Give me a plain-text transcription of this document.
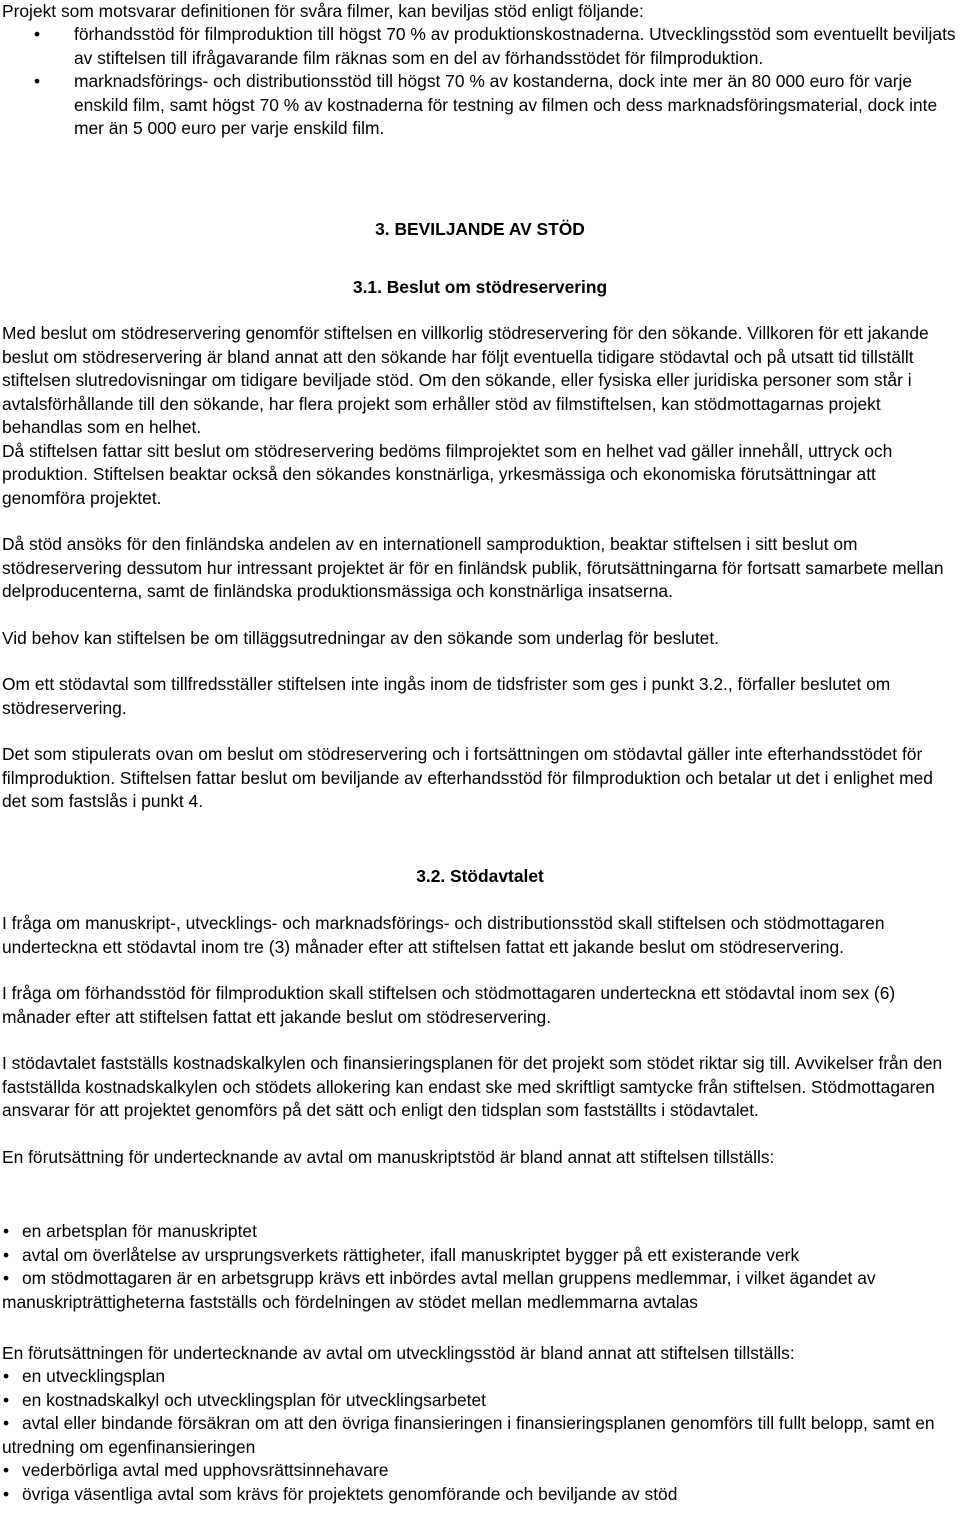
Projekt som motsvarar definitionen för svåra filmer, kan beviljas stöd enligt följande:

• förhandsstöd för filmproduktion till högst 70 % av produktionskostnaderna. Utvecklingsstöd som eventuellt beviljats av stiftelsen till ifrågavarande film räknas som en del av förhandsstödet för filmproduktion.
• marknadsförings- och distributionsstöd till högst 70 % av kostanderna, dock inte mer än 80 000 euro för varje enskild film, samt högst 70 % av kostnaderna för testning av filmen och dess marknadsföringsmaterial, dock inte mer än 5 000 euro per varje enskild film.

3. BEVILJANDE AV STÖD

3.1. Beslut om stödreservering

Med beslut om stödreservering genomför stiftelsen en villkorlig stödreservering för den sökande. Villkoren för ett jakande beslut om stödreservering är bland annat att den sökande har följt eventuella tidigare stödavtal och på utsatt tid tillställt stiftelsen slutredovisningar om tidigare beviljade stöd. Om den sökande, eller fysiska eller juridiska personer som står i avtalsförhållande till den sökande, har flera projekt som erhåller stöd av filmstiftelsen, kan stödmottagarnas projekt behandlas som en helhet.

Då stiftelsen fattar sitt beslut om stödreservering bedöms filmprojektet som en helhet vad gäller innehåll, uttryck och produktion. Stiftelsen beaktar också den sökandes konstnärliga, yrkesmässiga och ekonomiska förutsättningar att genomföra projektet.

Då stöd ansöks för den finländska andelen av en internationell samproduktion, beaktar stiftelsen i sitt beslut om stödreservering dessutom hur intressant projektet är för en finländsk publik, förutsättningarna för fortsatt samarbete mellan delproducenterna, samt de finländska produktionsmässiga och konstnärliga insatserna.

Vid behov kan stiftelsen be om tilläggsutredningar av den sökande som underlag för beslutet.

Om ett stödavtal som tillfredsställer stiftelsen inte ingås inom de tidsfrister som ges i punkt 3.2., förfaller beslutet om stödreservering.

Det som stipulerats ovan om beslut om stödreservering och i fortsättningen om stödavtal gäller inte efterhandsstödet för filmproduktion. Stiftelsen fattar beslut om beviljande av efterhandsstöd för filmproduktion och betalar ut det i enlighet med det som fastslås i punkt 4.

3.2. Stödavtalet

I fråga om manuskript-, utvecklings- och marknadsförings- och distributionsstöd skall stiftelsen och stödmottagaren underteckna ett stödavtal inom tre (3) månader efter att stiftelsen fattat ett jakande beslut om stödreservering.

I fråga om förhandsstöd för filmproduktion skall stiftelsen och stödmottagaren underteckna ett stödavtal inom sex (6) månader efter att stiftelsen fattat ett jakande beslut om stödreservering.

I stödavtalet fastställs kostnadskalkylen och finansieringsplanen för det projekt som stödet riktar sig till. Avvikelser från den fastställda kostnadskalkylen och stödets allokering kan endast ske med skriftligt samtycke från stiftelsen. Stödmottagaren ansvarar för att projektet genomförs på det sätt och enligt den tidsplan som fastställts i stödavtalet.

En förutsättning för undertecknande av avtal om manuskriptstöd är bland annat att stiftelsen tillställs:

• en arbetsplan för manuskriptet
• avtal om överlåtelse av ursprungsverkets rättigheter, ifall manuskriptet bygger på ett existerande verk
• om stödmottagaren är en arbetsgrupp krävs ett inbördes avtal mellan gruppens medlemmar, i vilket ägandet av manuskripträttigheterna fastställs och fördelningen av stödet mellan medlemmarna avtalas

En förutsättningen för undertecknande av avtal om utvecklingsstöd är bland annat att stiftelsen tillställs:

• en utvecklingsplan
• en kostnadskalkyl och utvecklingsplan för utvecklingsarbetet
• avtal eller bindande försäkran om att den övriga finansieringen i finansieringsplanen genomförs till fullt belopp, samt en utredning om egenfinansieringen
• vederbörliga avtal med upphovsrättsinnehavare
• övriga väsentliga avtal som krävs för projektets genomförande och beviljande av stöd
